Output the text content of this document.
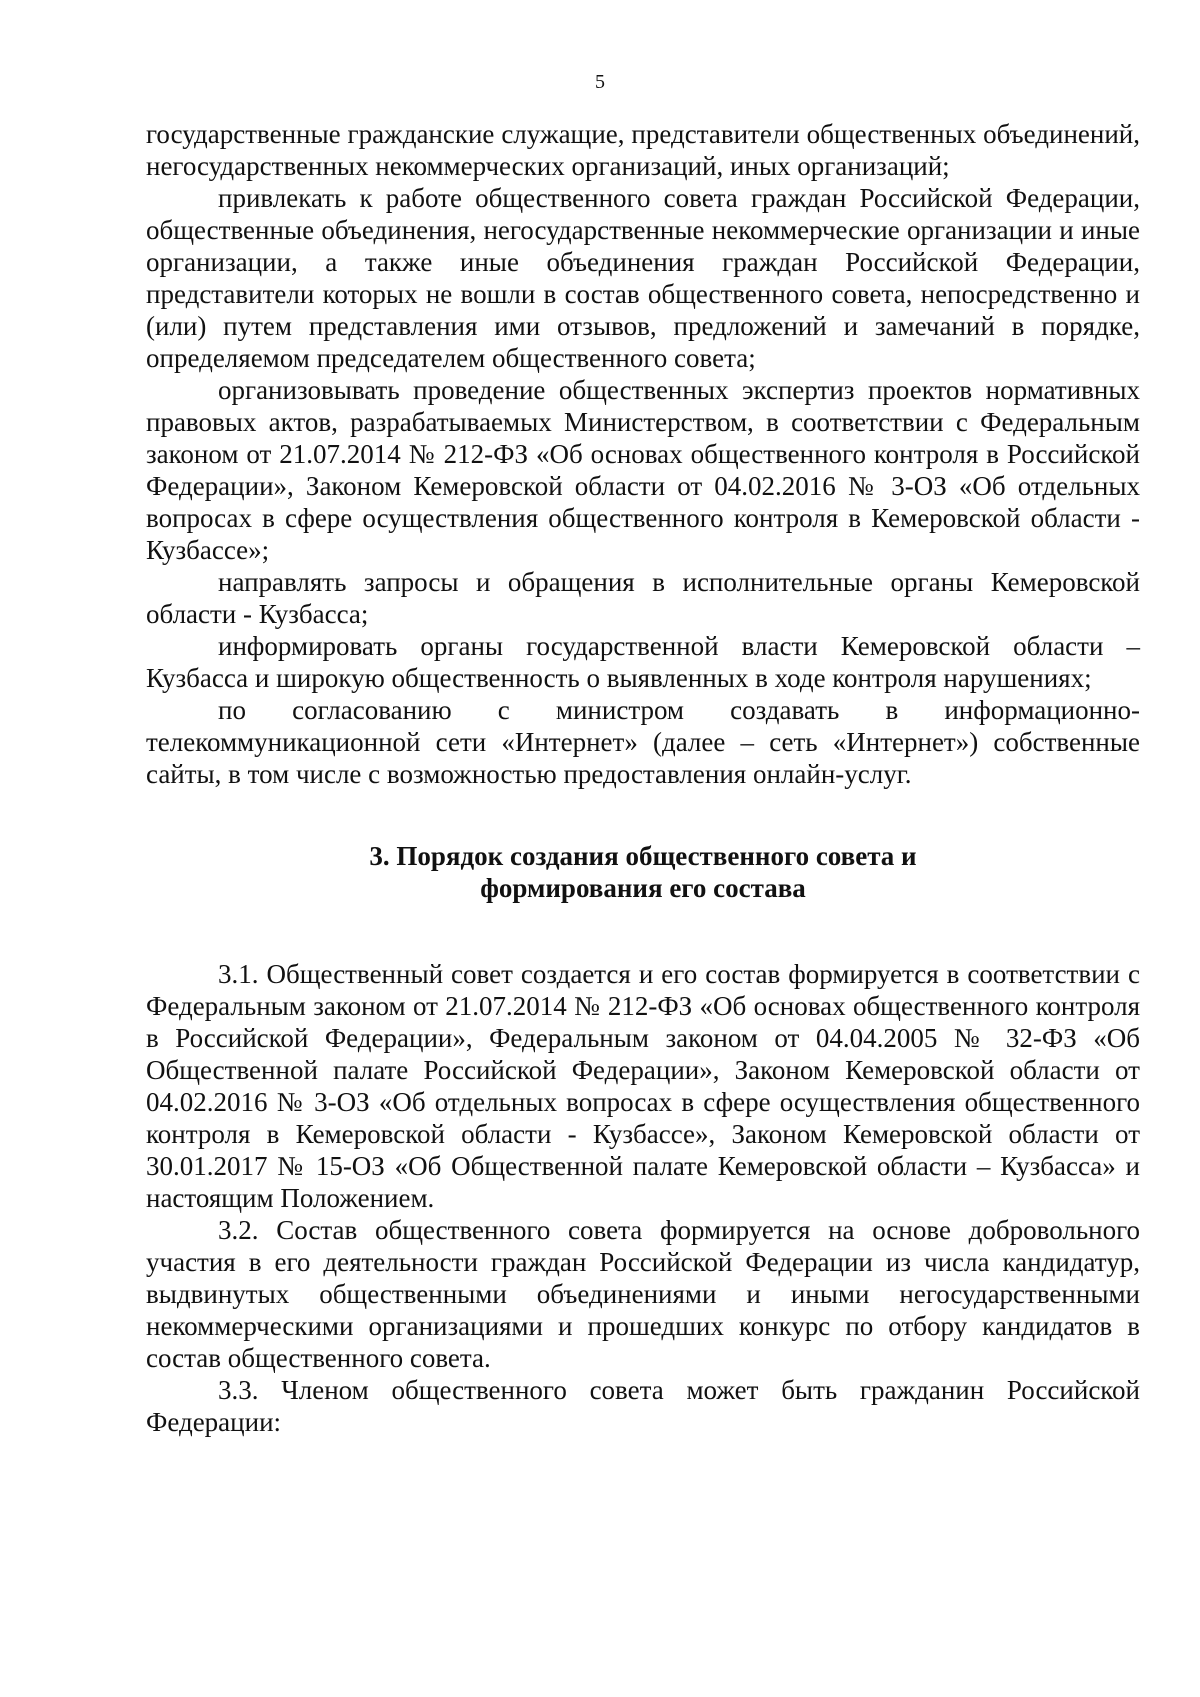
5

государственные гражданские служащие, представители общественных объединений, негосударственных некоммерческих организаций, иных организаций;

привлекать к работе общественного совета граждан Российской Федерации, общественные объединения, негосударственные некоммерческие организации и иные организации, а также иные объединения граждан Российской Федерации, представители которых не вошли в состав общественного совета, непосредственно и (или) путем представления ими отзывов, предложений и замечаний в порядке, определяемом председателем общественного совета;

организовывать проведение общественных экспертиз проектов нормативных правовых актов, разрабатываемых Министерством, в соответствии с Федеральным законом от 21.07.2014 № 212-ФЗ «Об основах общественного контроля в Российской Федерации», Законом Кемеровской области от 04.02.2016 № 3-ОЗ «Об отдельных вопросах в сфере осуществления общественного контроля в Кемеровской области - Кузбассе»;

направлять запросы и обращения в исполнительные органы Кемеровской области - Кузбасса;

информировать органы государственной власти Кемеровской области – Кузбасса и широкую общественность о выявленных в ходе контроля нарушениях;

по согласованию с министром создавать в информационно-телекоммуникационной сети «Интернет» (далее – сеть «Интернет») собственные сайты, в том числе с возможностью предоставления онлайн-услуг.

3. Порядок создания общественного совета и
формирования его состава

3.1. Общественный совет создается и его состав формируется в соответствии с Федеральным законом от 21.07.2014 № 212-ФЗ «Об основах общественного контроля в Российской Федерации», Федеральным законом от 04.04.2005 № 32-ФЗ «Об Общественной палате Российской Федерации», Законом Кемеровской области от 04.02.2016 № 3-ОЗ «Об отдельных вопросах в сфере осуществления общественного контроля в Кемеровской области - Кузбассе», Законом Кемеровской области от 30.01.2017 № 15-ОЗ «Об Общественной палате Кемеровской области – Кузбасса» и настоящим Положением.

3.2. Состав общественного совета формируется на основе добровольного участия в его деятельности граждан Российской Федерации из числа кандидатур, выдвинутых общественными объединениями и иными негосударственными некоммерческими организациями и прошедших конкурс по отбору кандидатов в состав общественного совета.

3.3. Членом общественного совета может быть гражданин Российской Федерации:
